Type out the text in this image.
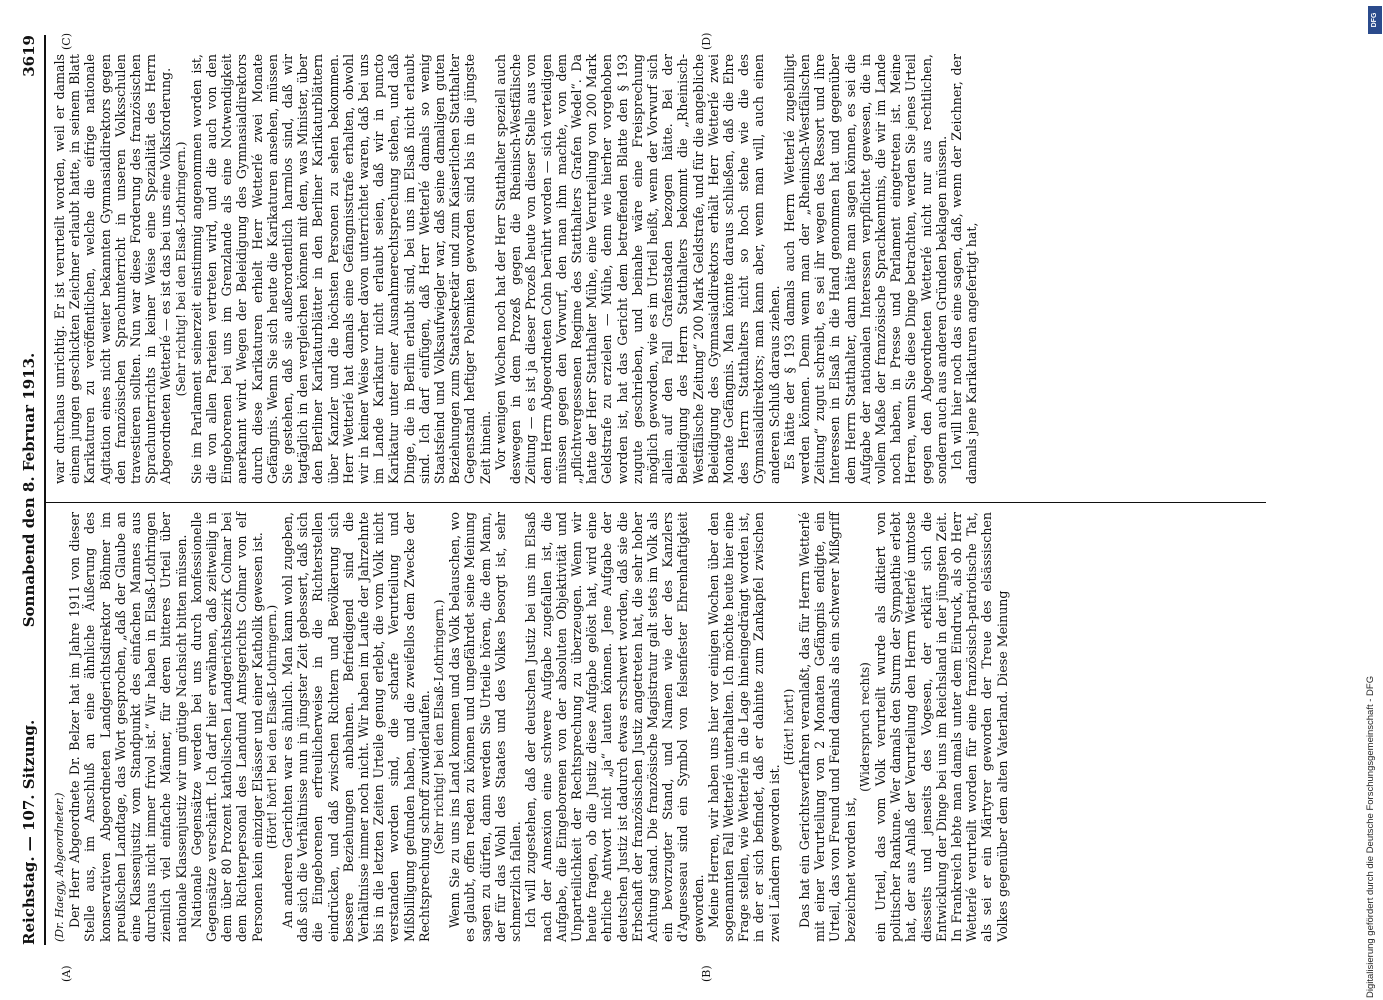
Reichstag. — 107. Sitzung.
Sonnabend den 8. Februar 1913.
3619
(A)	(B)
(C)	(D)

(Dr. Haegy, Abgeordneter.) Der Herr Abgeordnete Dr. Belzer hat im Jahre 1911 von dieser Stelle aus, im Anschluß an eine ähnliche Äußerung des konservativen Abgeordneten Landgerichtsdirektor Böhmer im preußischen Landtage, das Wort gesprochen, „daß der Glaube an eine Klassenjustiz vom Standpunkt des einfachen Mannes aus durchaus nicht immer frivol ist.“ Wir haben in Elsaß-Lothringen ziemlich viel einfache Männer, für deren bitteres Urteil über nationale Klassenjustiz wir um gütige Nachsicht bitten müssen. Nationale Gegensätze werden bei uns durch konfessionelle Gegensätze verschärft. Ich darf hier erwähnen, daß zeitweilig in dem über 80 Prozent katholischen Landgerichtsbezirk Colmar bei dem Richterpersonal des Landund Amtsgerichts Colmar von elf Personen kein einziger Elsässer und einer Katholik gewesen ist. (Hört! hört! bei den Elsaß-Lothringern.) An anderen Gerichten war es ähnlich. Man kann wohl zugeben, daß sich die Verhältnisse nun in jüngster Zeit gebessert, daß sich die Eingeborenen erfreulicherweise in die Richterstellen eindrücken, und daß zwischen Richtern und Bevölkerung sich bessere Beziehungen anbahnen. Befriedigend sind die Verhältnisse immer noch nicht. Wir haben im Laufe der Jahrzehnte bis in die letzten Zeiten Urteile genug erlebt, die vom Volk nicht verstanden worden sind, die scharfe Verurteilung und Mißbilligung gefunden haben, und die zweifellos dem Zwecke der Rechtsprechung schroff zuwiderlaufen. (Sehr richtig! bei den Elsaß-Lothringern.) Wenn Sie zu uns ins Land kommen und das Volk belauschen, wo es glaubt, offen reden zu können und ungefährdet seine Meinung sagen zu dürfen, dann werden Sie Urteile hören, die dem Mann, der für das Wohl des Staates und des Volkes besorgt ist, sehr schmerzlich fallen. Ich will zugestehen, daß der deutschen Justiz bei uns im Elsaß nach der Annexion eine schwere Aufgabe zugefallen ist, die Aufgabe, die Eingeborenen von der absoluten Objektivität und Unparteilichkeit der Rechtsprechung zu überzeugen. Wenn wir heute fragen, ob die Justiz diese Aufgabe gelöst hat, wird eine ehrliche Antwort nicht „ja“ lauten können. Jene Aufgabe der deutschen Justiz ist dadurch etwas erschwert worden, daß sie die Erbschaft der französischen Justiz angetreten hat, die sehr hoher Achtung stand. Die französische Magistratur galt stets im Volk als ein bevorzugter Stand, und Namen wie der des Kanzlers d'Aguesseau sind ein Symbol von felsenfester Ehrenhaftigkeit geworden. Meine Herren, wir haben uns hier vor einigen Wochen über den sogenannten Fall Wetterlé unterhalten. Ich möchte heute hier eine Frage stellen, wie Wetterlé in die Lage hineingedrängt worden ist, in der er sich befindet, daß er dahinte zum Zankapfel zwischen zwei Ländern geworden ist.

(Hört! hört!) Das hat ein Gerichtsverfahren veranlaßt, das für Herrn Wetterlé mit einer Verurteilung von 2 Monaten Gefängnis endigte, ein Urteil, das von Freund und Feind damals als ein schwerer Mißgriff bezeichnet worden ist,

(Widerspruch rechts) ein Urteil, das vom Volk verurteilt wurde als diktiert von politischer Rankune. Wer damals den Sturm der Sympathie erlebt hat, der aus Anlaß der Verurteilung den Herrn Wetterlé umtoste diesseits und jenseits des Vogesen, der erklärt sich die Entwicklung der Dinge bei uns im Reichsland in der jüngsten Zeit. In Frankreich lebte man damals unter dem Eindruck, als ob Herr Wetterlé verurteilt worden für eine französisch-patriotische Tat, als sei er ein Märtyrer geworden der Treue des elsässischen Volkes gegenüber dem alten Vaterland. Diese Meinung

war durchaus unrichtig. Er ist verurteilt worden, weil er damals einem jungen geschickten Zeichner erlaubt hatte, in seinem Blatt Karikaturen zu veröffentlichen, welche die eifrige nationale Agitation eines nicht weiter bekannten Gymnasialdirektors gegen den französischen Sprachunterricht in unseren Volksschulen travestieren sollten. Nun war diese Forderung des französischen Sprachunterrichts in keiner Weise eine Spezialität des Herrn Abgeordneten Wetterlé — es ist das bei uns eine Volksforderung. (Sehr richtig! bei den Elsaß-Lothringern.) Sie im Parlament seinerzeit einstimmig angenommen worden ist, die von allen Parteien vertreten wird, und die auch von den Eingeborenen bei uns im Grenzlande als eine Notwendigkeit anerkannt wird. Wegen der Beleidigung des Gymnasialdirektors durch diese Karikaturen erhielt Herr Wetterlé zwei Monate Gefängnis. Wenn Sie sich heute die Karikaturen ansehen, müssen Sie gestehen, daß sie außerordentlich harmlos sind, daß wir tagtäglich in den vergleichen können mit dem, was Minister, über den Berliner Karikaturblätter in den Berliner Karikaturblättern über Kanzler und die höchsten Personen zu sehen bekommen. Herr Wetterlé hat damals eine Gefängnisstrafe erhalten, obwohl wir in keiner Weise vorher davon unterrichtet waren, daß bei uns im Lande Karikatur nicht erlaubt seien, daß wir in puncto Karikatur unter einer Ausnahmerechtsprechung stehen, und daß Dinge, die in Berlin erlaubt sind, bei uns im Elsaß nicht erlaubt sind. Ich darf einfügen, daß Herr Wetterlé damals so wenig Staatsfeind und Volksaufwiegler war, daß seine damaligen guten Beziehungen zum Staatssekretär und zum Kaiserlichen Statthalter Gegenstand heftiger Polemiken geworden sind bis in die jüngste Zeit hinein. Vor wenigen Wochen noch hat der Herr Statthalter speziell auch deswegen in dem Prozeß gegen die Rheinisch-Westfälische Zeitung — es ist ja dieser Prozeß heute von dieser Stelle aus von dem Herrn Abgeordneten Cohn berührt worden — sich verteidigen müssen gegen den Vorwurf, den man ihm machte, von dem „pflichtvergessenen Regime des Statthalters Grafen Wedel“. Da hatte der Herr Statthalter Mühe, eine Verurteilung von 200 Mark Geldstrafe zu erzielen — Mühe, denn wie hierher vorgehoben worden ist, hat das Gericht dem betreffenden Blatte den § 193 zugute geschrieben, und beinahe wäre eine Freisprechung möglich geworden, wie es im Urteil heißt, wenn der Vorwurf sich allein auf den Fall Grafenstaden bezogen hätte. Bei der Beleidigung des Herrn Statthalters bekommt die „Rheinisch-Westfälische Zeitung“ 200 Mark Geldstrafe, und für die angebliche Beleidigung des Gymnasialdirektors erhält Herr Wetterlé zwei Monate Gefängnis. Man könnte daraus schließen, daß die Ehre des Herrn Statthalters nicht so hoch stehe wie die des Gymnasialdirektors; man kann aber, wenn man will, auch einen anderen Schluß daraus ziehen. Es hätte der § 193 damals auch Herrn Wetterlé zugebilligt werden können. Denn wenn man der „Rheinisch-Westfälischen Zeitung“ zugut schreibt, es sei ihr wegen des Ressort und ihre Interessen in Elsaß in die Hand genommen hat und gegenüber dem Herrn Statthalter, dann hätte man sagen können, es sei die Aufgabe der nationalen Interessen verpflichtet gewesen, die in vollem Maße der französische Sprachkenntnis, die wir im Lande noch haben, in Presse und Parlament eingetreten ist. Meine Herren, wenn Sie diese Dinge betrachten, werden Sie jenes Urteil gegen den Abgeordneten Wetterlé nicht nur aus rechtlichen, sondern auch aus anderen Gründen beklagen müssen. Ich will hier noch das eine sagen, daß, wenn der Zeichner, der damals jene Karikaturen angefertigt hat,

DFG
Digitalisierung gefördert durch die Deutsche Forschungsgemeinschaft - DFG
